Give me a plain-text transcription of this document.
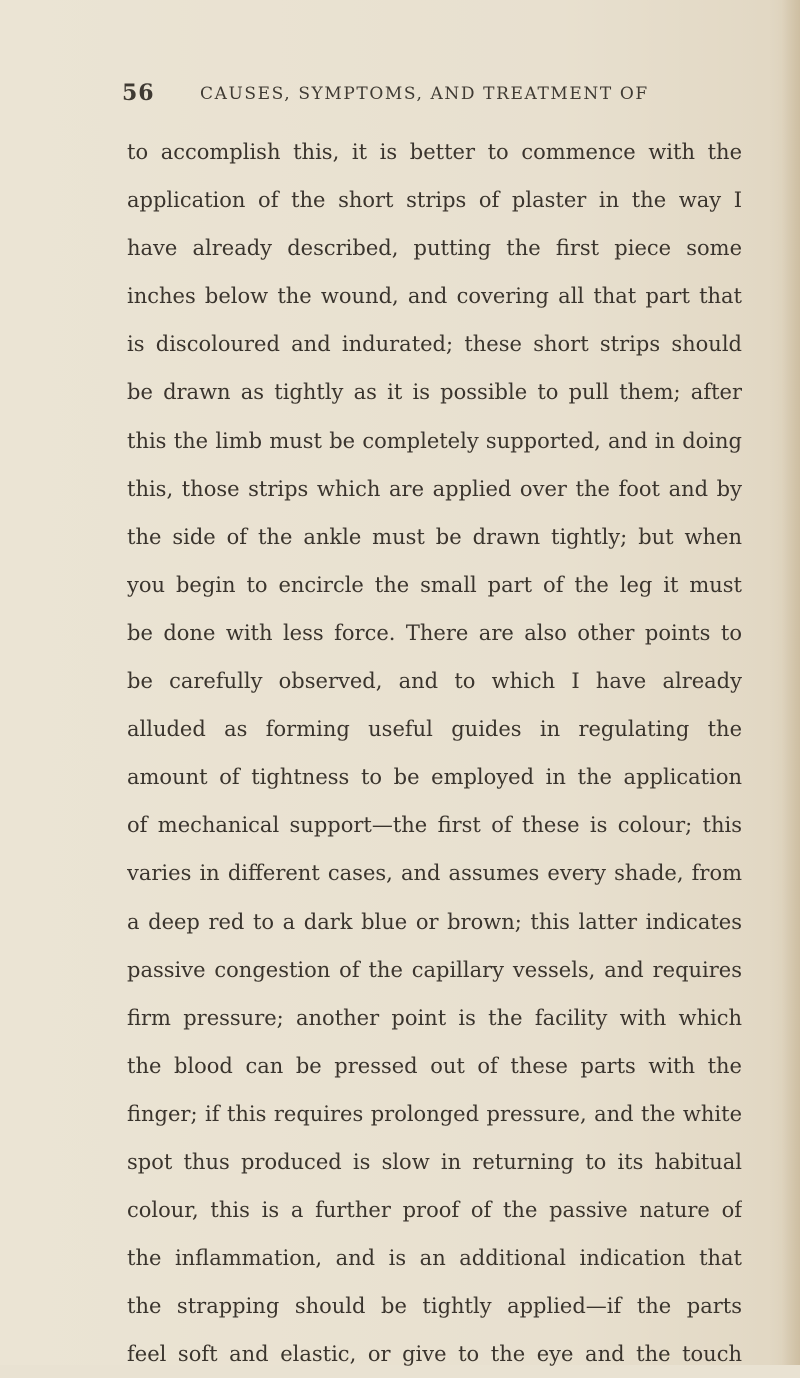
56	CAUSES, SYMPTOMS, AND TREATMENT OF
to accomplish this, it is better to commence with the
application of the short strips of plaster in the way I
have already described, putting the first piece some
inches below the wound, and covering all that part that
is discoloured and indurated; these short strips should
be drawn as tightly as it is possible to pull them; after
this the limb must be completely supported, and in doing
this, those strips which are applied over the foot and by
the side of the ankle must be drawn tightly; but when
you begin to encircle the small part of the leg it must
be done with less force. There are also other points to
be carefully observed, and to which I have already
alluded as forming useful guides in regulating the
amount of tightness to be employed in the application
of mechanical support—the first of these is colour; this
varies in different cases, and assumes every shade, from
a deep red to a dark blue or brown; this latter indicates
passive congestion of the capillary vessels, and requires
firm pressure; another point is the facility with which
the blood can be pressed out of these parts with the
finger; if this requires prolonged pressure, and the white
spot thus produced is slow in returning to its habitual
colour, this is a further proof of the passive nature of
the inflammation, and is an additional indication that
the strapping should be tightly applied—if the parts
feel soft and elastic, or give to the eye and the touch
